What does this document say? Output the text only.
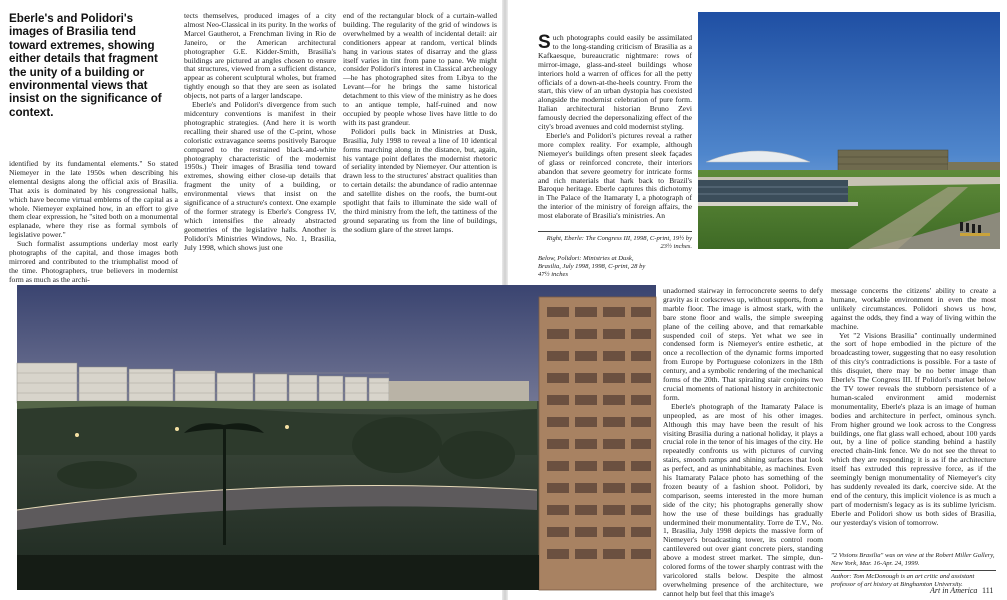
Eberle's and Polidori's images of Brasilia tend toward extremes, showing either details that fragment the unity of a building or environmental views that insist on the significance of context.

identified by its fundamental elements." So stated Niemeyer in the late 1950s when describing his elemental designs along the official axis of Brasilia. That axis is dominated by his congressional halls, which have become virtual emblems of the capital as a whole. Niemeyer explained how, in an effort to give them clear expression, he "sited both on a monumental esplanade, where they rise as formal symbols of legislative power."

Such formalist assumptions underlay most early photographs of the capital, and those images both mirrored and contributed to the triumphalist mood of the time. Photographers, true believers in modernist form as much as the archi-

tects themselves, produced images of a city almost Neo-Classical in its purity. In the works of Marcel Gautherot, a Frenchman living in Rio de Janeiro, or the American architectural photographer G.E. Kidder-Smith, Brasilia's buildings are pictured at angles chosen to ensure that structures, viewed from a sufficient distance, appear as coherent sculptural wholes, but framed tightly enough so that they are seen as isolated objects, not parts of a larger landscape.

Eberle's and Polidori's divergence from such midcentury conventions is manifest in their photographic strategies. (And here it is worth recalling their shared use of the C-print, whose coloristic extravagance seems positively Baroque compared to the restrained black-and-white photography characteristic of the modernist 1950s.) Their images of Brasilia tend toward extremes, showing either close-up details that fragment the unity of a building, or environmental views that insist on the significance of a structure's context. One example of the former strategy is Eberle's Congress IV, which intensifies the already abstracted geometries of the legislative halls. Another is Polidori's Ministries Windows, No. 1, Brasilia, July 1998, which shows just one

end of the rectangular block of a curtain-walled building. The regularity of the grid of windows is overwhelmed by a wealth of incidental detail: air conditioners appear at random, vertical blinds hang in various states of disarray and the glass itself varies in tint from pane to pane. We might consider Polidori's interest in Classical archeology—he has photographed sites from Libya to the Levant—for he brings the same historical detachment to this view of the ministry as he does to an antique temple, half-ruined and now occupied by people whose lives have little to do with its past grandeur.

Polidori pulls back in Ministries at Dusk, Brasilia, July 1998 to reveal a line of 10 identical forms marching along in the distance, but, again, his vantage point deflates the modernist rhetoric of seriality intended by Niemeyer. Our attention is drawn less to the structures' abstract qualities than to certain details: the abundance of radio antennae and satellite dishes on the roofs, the burnt-out spotlight that fails to illuminate the side wall of the third ministry from the left, the tattiness of the ground separating us from the line of buildings, the sodium glare of the street lamps.

Such photographs could easily be assimilated to the long-standing criticism of Brasilia as a Kafkaesque, bureaucratic nightmare: rows of mirror-image, glass-and-steel buildings whose interiors hold a warren of offices for all the petty officials of a down-at-the-heels country. From the start, this view of an urban dystopia has coexisted alongside the modernist celebration of pure form. Italian architectural historian Bruno Zevi famously decried the depersonalizing effect of the city's broad avenues and cold modernist styling.

Eberle's and Polidori's pictures reveal a rather more complex reality. For example, although Niemeyer's buildings often present sleek façades of glass or reinforced concrete, their interiors abandon that severe geometry for intricate forms and rich materials that hark back to Brazil's Baroque heritage. Eberle captures this dichotomy in The Palace of the Itamaraty I, a photograph of the interior of the ministry of foreign affairs, the most elaborate of Brasilia's ministries. An

Right, Eberle: The Congress III, 1998, C-print, 19½ by 23½ inches.
Below, Polidori: Ministries at Dusk, Brasilia, July 1998, 1998, C-print, 28 by 47½ inches

unadorned stairway in ferroconcrete seems to defy gravity as it corkscrews up, without supports, from a marble floor. The image is almost stark, with the bare stone floor and walls, the simple sweeping plane of the ceiling above, and that remarkable suspended coil of steps. Yet what we see in condensed form is Niemeyer's entire esthetic, at once a recollection of the dynamic forms imported from Europe by Portuguese colonizers in the 18th century, and a symbolic rendering of the mechanical forms of the 20th. That spiraling stair conjoins two crucial moments of national history in architectonic form.

Eberle's photograph of the Itamaraty Palace is unpeopled, as are most of his other images. Although this may have been the result of his visiting Brasilia during a national holiday, it plays a crucial role in the tenor of his images of the city. He repeatedly confronts us with pictures of curving stairs, smooth ramps and shining surfaces that look as perfect, and as uninhabitable, as machines. Even his Itamaraty Palace photo has something of the frozen beauty of a fashion shoot. Polidori, by comparison, seems interested in the more human side of the city; his photographs generally show how the use of these buildings has gradually undermined their monumentality. Torre de T.V., No. 1, Brasilia, July 1998 depicts the massive form of Niemeyer's broadcasting tower, its control room cantilevered out over giant concrete piers, standing above a modest street market. The simple, dun-colored forms of the tower sharply contrast with the varicolored stalls below. Despite the almost overwhelming presence of the architecture, we cannot help but feel that this image's

message concerns the citizens' ability to create a humane, workable environment in even the most unlikely circumstances. Polidori shows us how, against the odds, they find a way of living within the machine.

Yet "2 Visions Brasilia" continually undermined the sort of hope embodied in the picture of the broadcasting tower, suggesting that no easy resolution of this city's contradictions is possible. For a taste of this disquiet, there may be no better image than Eberle's The Congress III. If Polidori's market below the TV tower reveals the stubborn persistence of a human-scaled environment amid modernist monumentality, Eberle's plaza is an image of human bodies and architecture in perfect, ominous synch. From higher ground we look across to the Congress buildings, one flat glass wall echoed, about 100 yards out, by a line of police standing behind a hastily erected chain-link fence. We do not see the threat to which they are responding; it is as if the architecture itself has extruded this repressive force, as if the seemingly benign monumentality of Niemeyer's city has suddenly revealed its dark, coercive side. At the end of the century, this implicit violence is as much a part of modernism's legacy as is its sublime lyricism. Eberle and Polidori show us both sides of Brasilia, our yesterday's vision of tomorrow.

"2 Visions Brasilia" was on view at the Robert Miller Gallery, New York, Mar. 16-Apr. 24, 1999.
Author: Tom McDonough is an art critic and assistant professor of art history at Binghamton University.
Art in America 111
